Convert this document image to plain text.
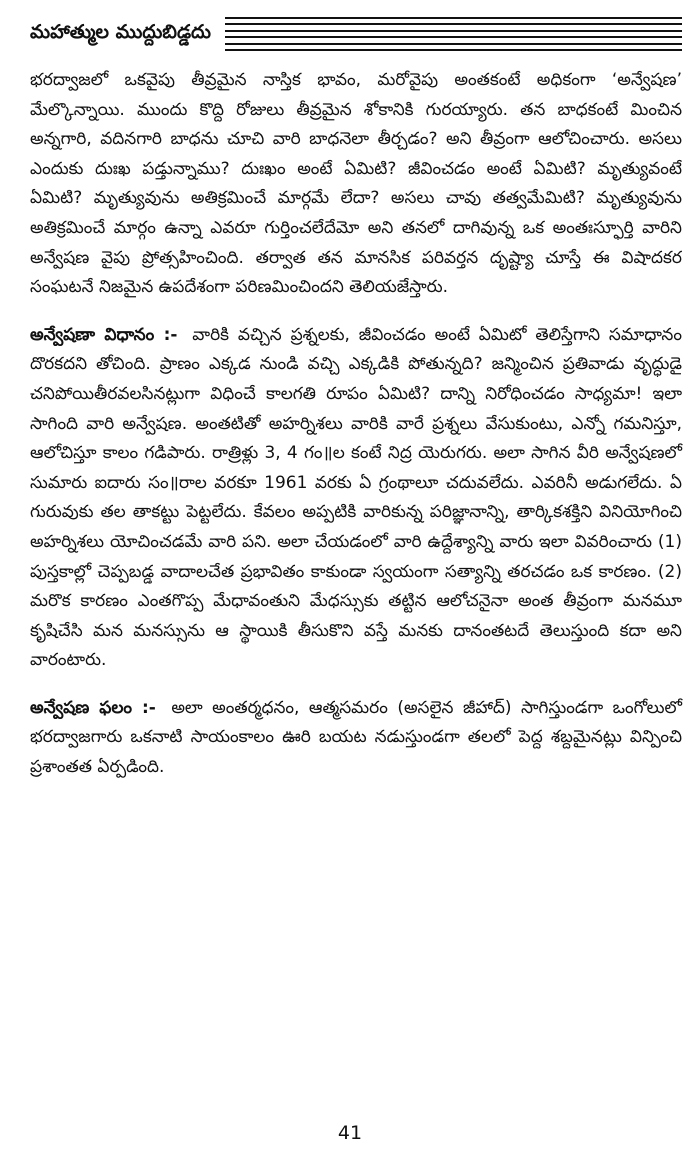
మహాత్ముల ముద్దుబిడ్డదు

భరద్వాజలో ఒకవైపు తీవ్రమైన నాస్తిక భావం, మరోవైపు అంతకంటే అధికంగా ‘అన్వేషణ’ మేల్కొన్నాయి. ముందు కొద్ది రోజులు తీవ్రమైన శోకానికి గురయ్యారు. తన బాధకంటే మించిన అన్నగారి, వదినగారి బాధను చూచి వారి బాధనెలా తీర్చడం? అని తీవ్రంగా ఆలోచించారు. అసలు ఎందుకు దుఃఖ పడ్తున్నాము? దుఃఖం అంటే ఏమిటి? జీవించడం అంటే ఏమిటి? మృత్యువంటే ఏమిటి? మృత్యువును అతిక్రమించే మార్గమే లేదా? అసలు చావు తత్వమేమిటి? మృత్యువును అతిక్రమించే మార్గం ఉన్నా ఎవరూ గుర్తించలేదేమో అని తనలో దాగివున్న ఒక అంతఃస్ఫూర్తి వారిని అన్వేషణ వైపు ప్రోత్సహించింది. తర్వాత తన మానసిక పరివర్తన దృష్ట్యా చూస్తే ఈ విషాదకర సంఘటనే నిజమైన ఉపదేశంగా పరిణమించిందని తెలియజేస్తారు.

అన్వేషణా విధానం :- వారికి వచ్చిన ప్రశ్నలకు, జీవించడం అంటే ఏమిటో తెలిస్తేగాని సమాధానం దొరకదని తోచింది. ప్రాణం ఎక్కడ నుండి వచ్చి ఎక్కడికి పోతున్నది? జన్మించిన ప్రతివాడు వృద్ధుడై చనిపోయితీరవలసినట్లుగా విధించే కాలగతి రూపం ఏమిటి? దాన్ని నిరోధించడం సాధ్యమా! ఇలా సాగింది వారి అన్వేషణ. అంతటితో అహర్నిశలు వారికి వారే ప్రశ్నలు వేసుకుంటు, ఎన్నో గమనిస్తూ, ఆలోచిస్తూ కాలం గడిపారు. రాత్రిళ్లు 3, 4 గం॥ల కంటే నిద్ర యెరుగరు. అలా సాగిన వీరి అన్వేషణలో సుమారు ఐదారు సం॥రాల వరకూ 1961 వరకు ఏ గ్రంథాలూ చదువలేదు. ఎవరినీ అడుగలేదు. ఏ గురువుకు తల తాకట్టు పెట్టలేదు. కేవలం అప్పటికి వారికున్న పరిజ్ఞానాన్ని, తార్కికశక్తిని వినియోగించి అహర్నిశలు యోచించడమే వారి పని. అలా చేయడంలో వారి ఉద్దేశ్యాన్ని వారు ఇలా వివరించారు (1) పుస్తకాల్లో చెప్పబడ్డ వాదాలచేత ప్రభావితం కాకుండా స్వయంగా సత్యాన్ని తరచడం ఒక కారణం. (2) మరొక కారణం ఎంతగొప్ప మేధావంతుని మేధస్సుకు తట్టిన ఆలోచనైనా అంత తీవ్రంగా మనమూ కృషిచేసి మన మనస్సును ఆ స్థాయికి తీసుకొని వస్తే మనకు దానంతటదే తెలుస్తుంది కదా అని వారంటారు.

అన్వేషణ ఫలం :- అలా అంతర్మధనం, ఆత్మసమరం (అసలైన జీహాద్) సాగిస్తుండగా ఒంగోలులో భరద్వాజగారు ఒకనాటి సాయంకాలం ఊరి బయట నడుస్తుండగా తలలో పెద్ద శబ్దమైనట్లు విన్పించి ప్రశాంతత ఏర్పడింది.

41
